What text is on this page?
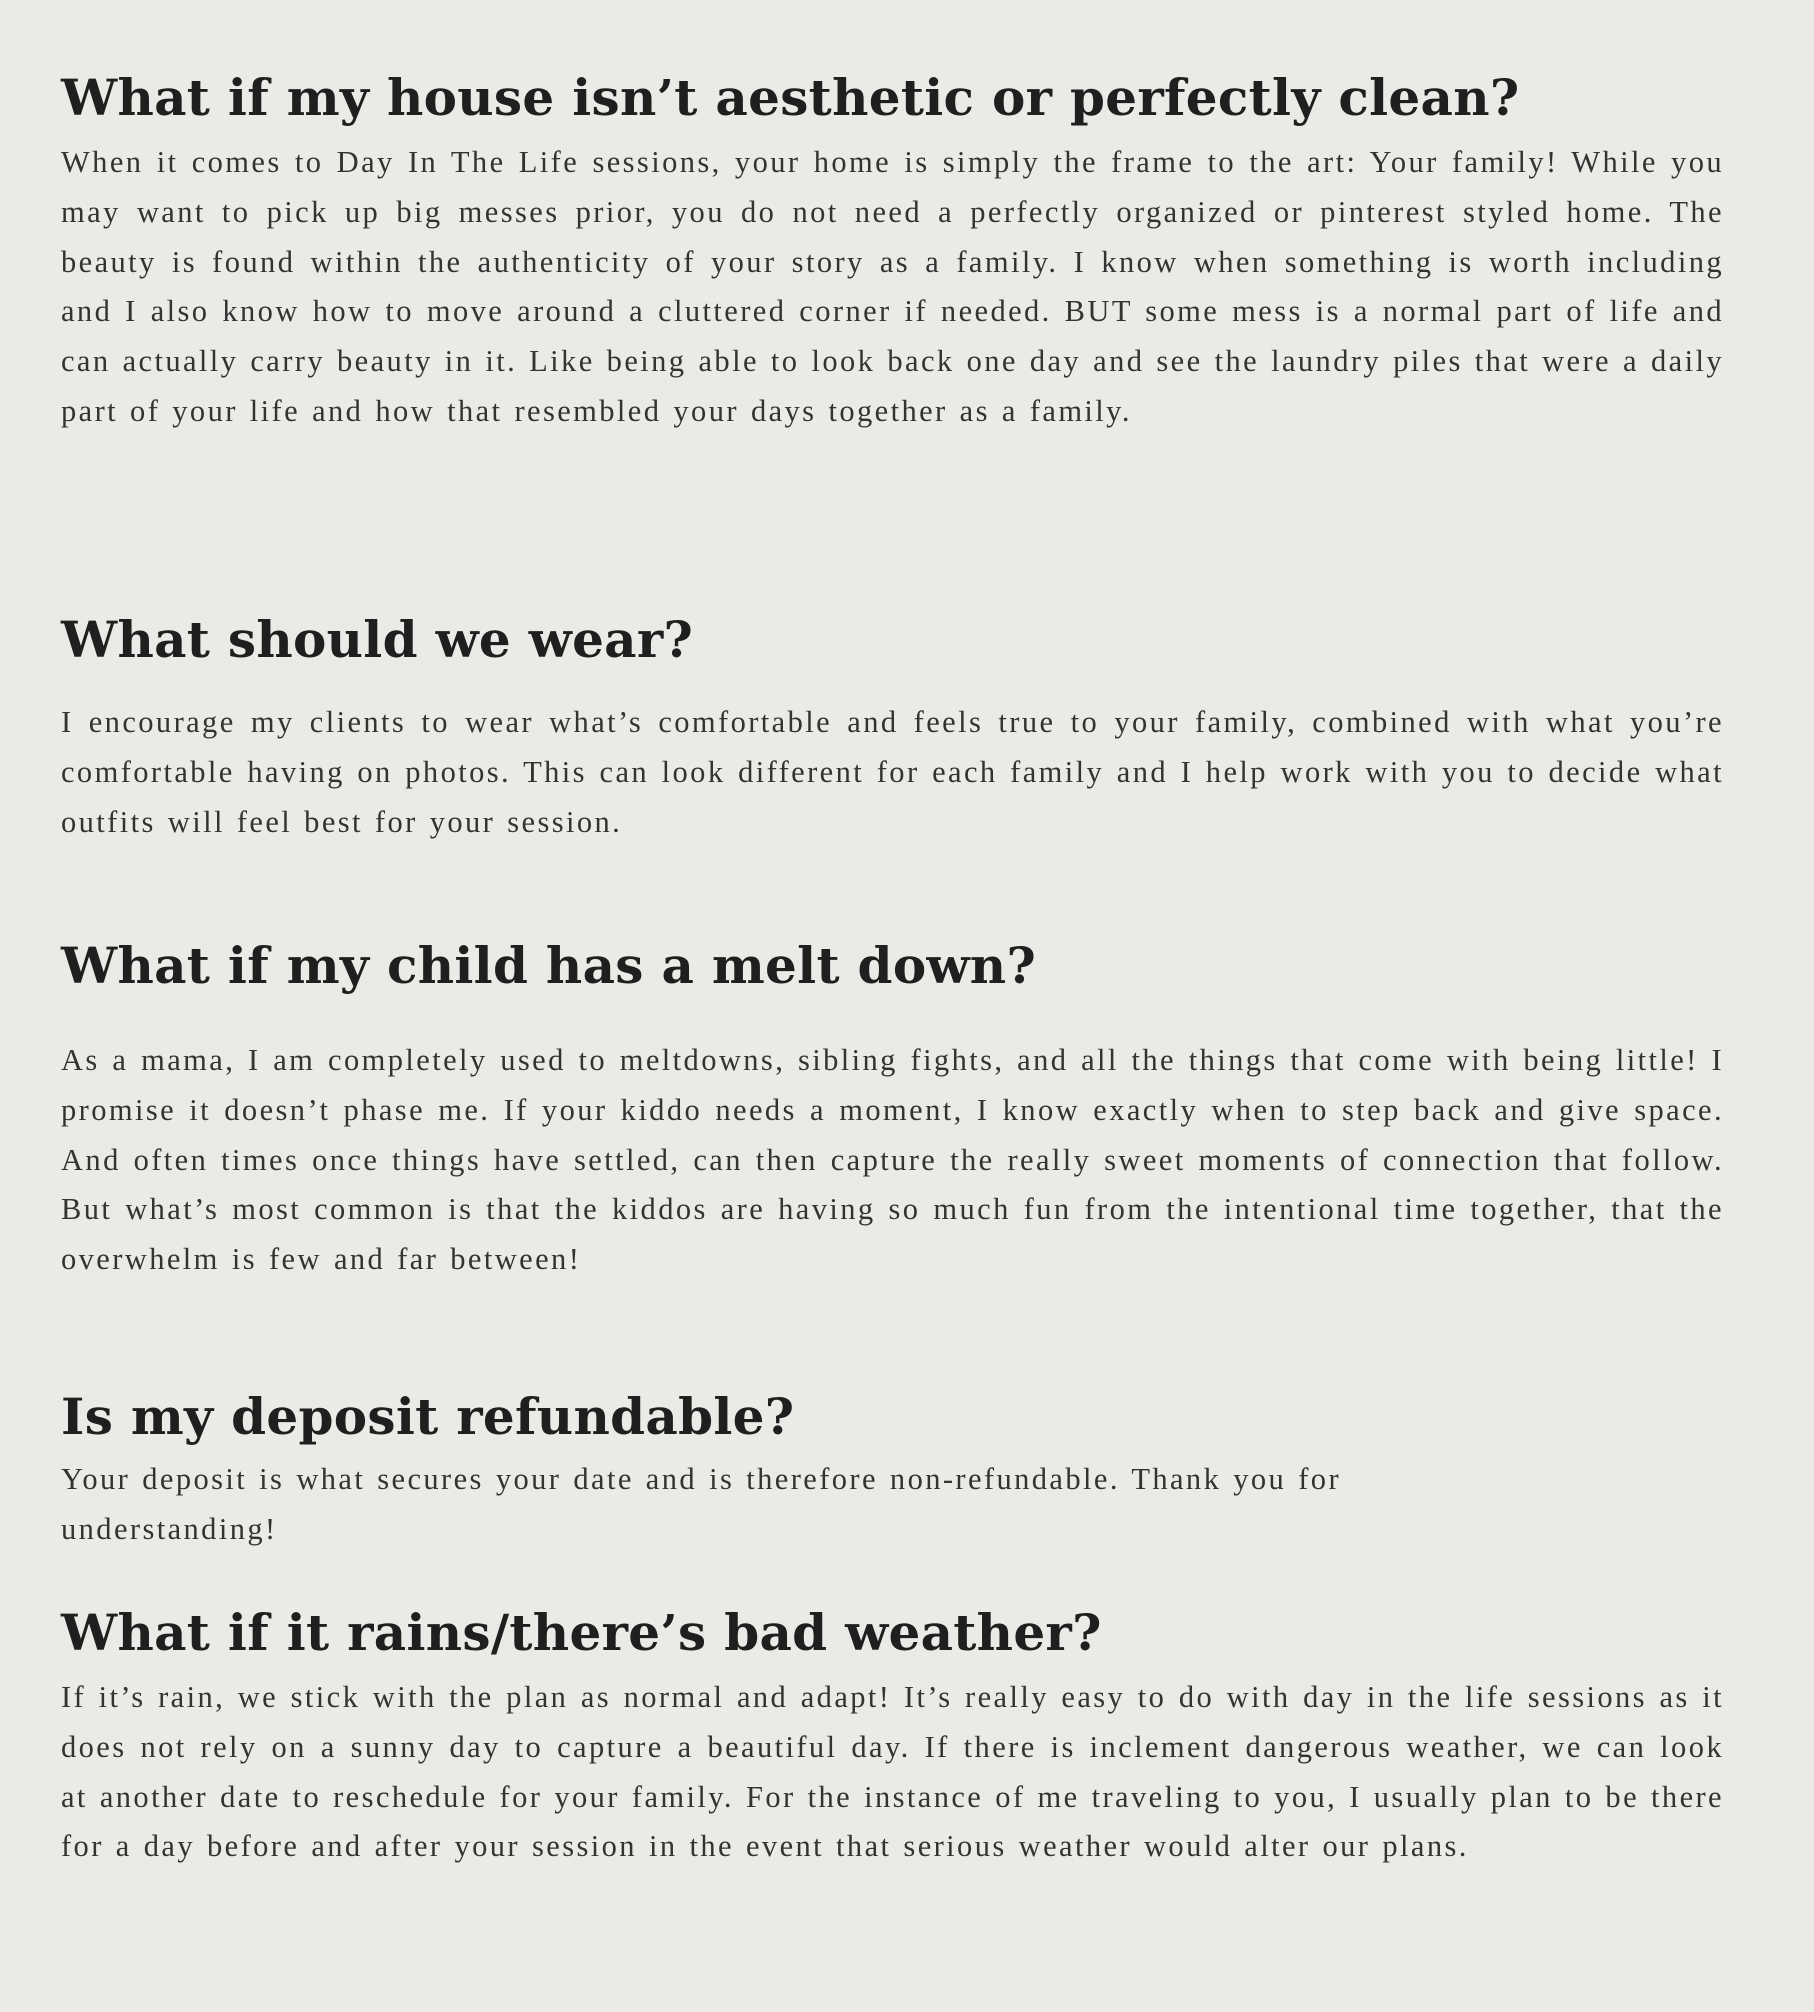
What if my house isn’t aesthetic or perfectly clean?

When it comes to Day In The Life sessions, your home is simply the frame to the art: Your family! While you may want to pick up big messes prior, you do not need a perfectly organized or pinterest styled home. The beauty is found within the authenticity of your story as a family. I know when something is worth including and I also know how to move around a cluttered corner if needed. BUT some mess is a normal part of life and can actually carry beauty in it. Like being able to look back one day and see the laundry piles that were a daily part of your life and how that resembled your days together as a family.

What should we wear?

I encourage my clients to wear what’s comfortable and feels true to your family, combined with what you’re comfortable having on photos. This can look different for each family and I help work with you to decide what outfits will feel best for your session.

What if my child has a melt down?

As a mama, I am completely used to meltdowns, sibling fights, and all the things that come with being little! I promise it doesn’t phase me. If your kiddo needs a moment, I know exactly when to step back and give space. And often times once things have settled, can then capture the really sweet moments of connection that follow. But what’s most common is that the kiddos are having so much fun from the intentional time together, that the overwhelm is few and far between!

Is my deposit refundable?

Your deposit is what secures your date and is therefore non-refundable. Thank you for understanding!

What if it rains/there’s bad weather?

If it’s rain, we stick with the plan as normal and adapt! It’s really easy to do with day in the life sessions as it does not rely on a sunny day to capture a beautiful day. If there is inclement dangerous weather, we can look at another date to reschedule for your family. For the instance of me traveling to you, I usually plan to be there for a day before and after your session in the event that serious weather would alter our plans.
